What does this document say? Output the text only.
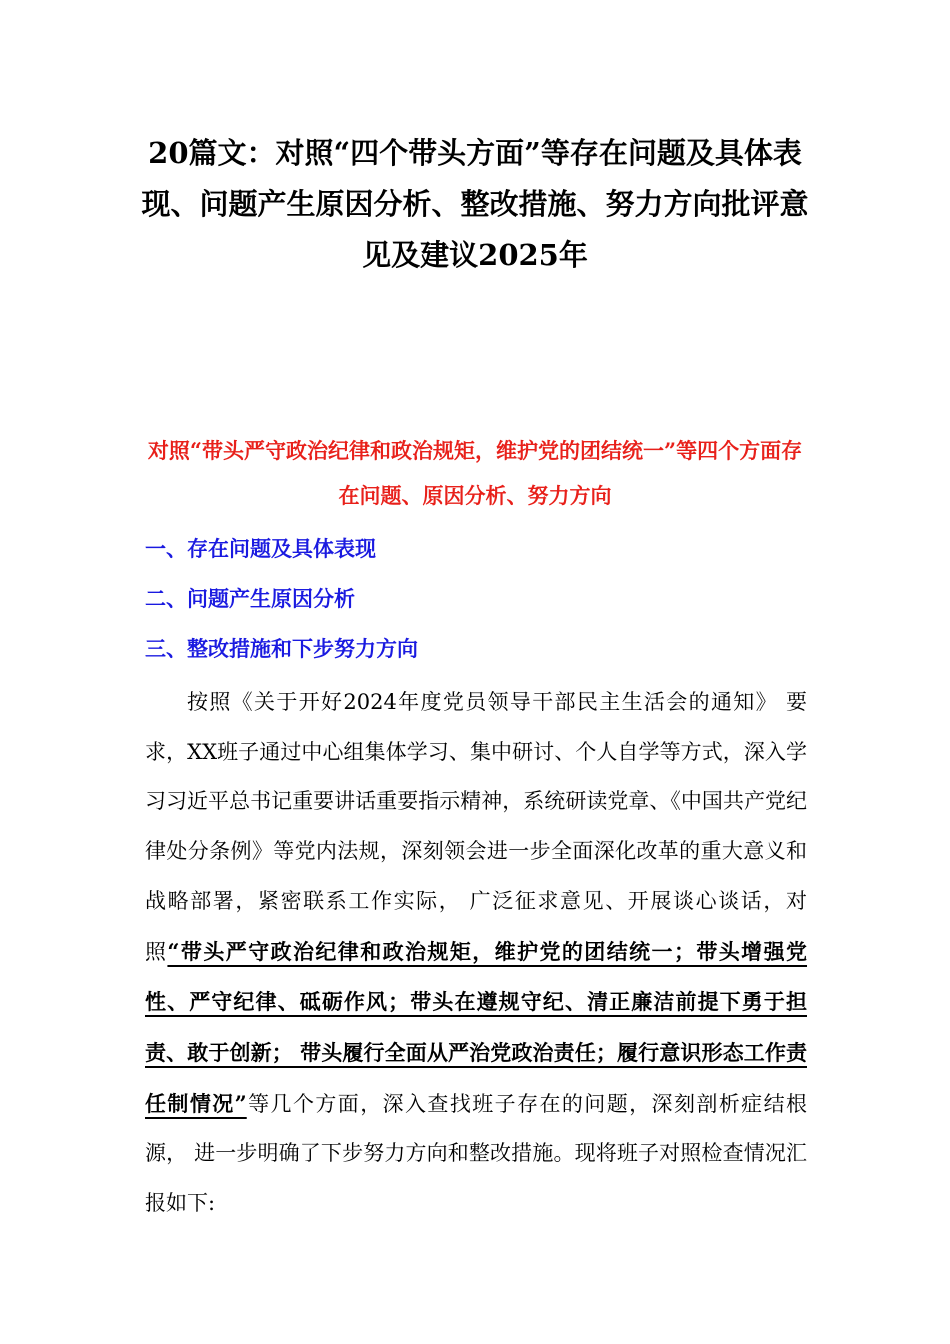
20篇文：对照“四个带头方面”等存在问题及具体表现、问题产生原因分析、整改措施、努力方向批评意见及建议2025年
对照“带头严守政治纪律和政治规矩，维护党的团结统一”等四个方面存在问题、原因分析、努力方向
一、存在问题及具体表现
二、问题产生原因分析
三、整改措施和下步努力方向

按照《关于开好2024年度党员领导干部民主生活会的通知》 要求，XX班子通过中心组集体学习、集中研讨、个人自学等方式，深入学习习近平总书记重要讲话重要指示精神，系统研读党章、《中国共产党纪律处分条例》等党内法规，深刻领会进一步全面深化改革的重大意义和战略部署，紧密联系工作实际， 广泛征求意见、开展谈心谈话，对照“带头严守政治纪律和政治规矩，维护党的团结统一；带头增强党性、严守纪律、砥砺作风；带头在遵规守纪、清正廉洁前提下勇于担责、敢于创新； 带头履行全面从严治党政治责任；履行意识形态工作责任制情况”等几个方面，深入查找班子存在的问题，深刻剖析症结根源， 进一步明确了下步努力方向和整改措施。现将班子对照检查情况汇报如下:
